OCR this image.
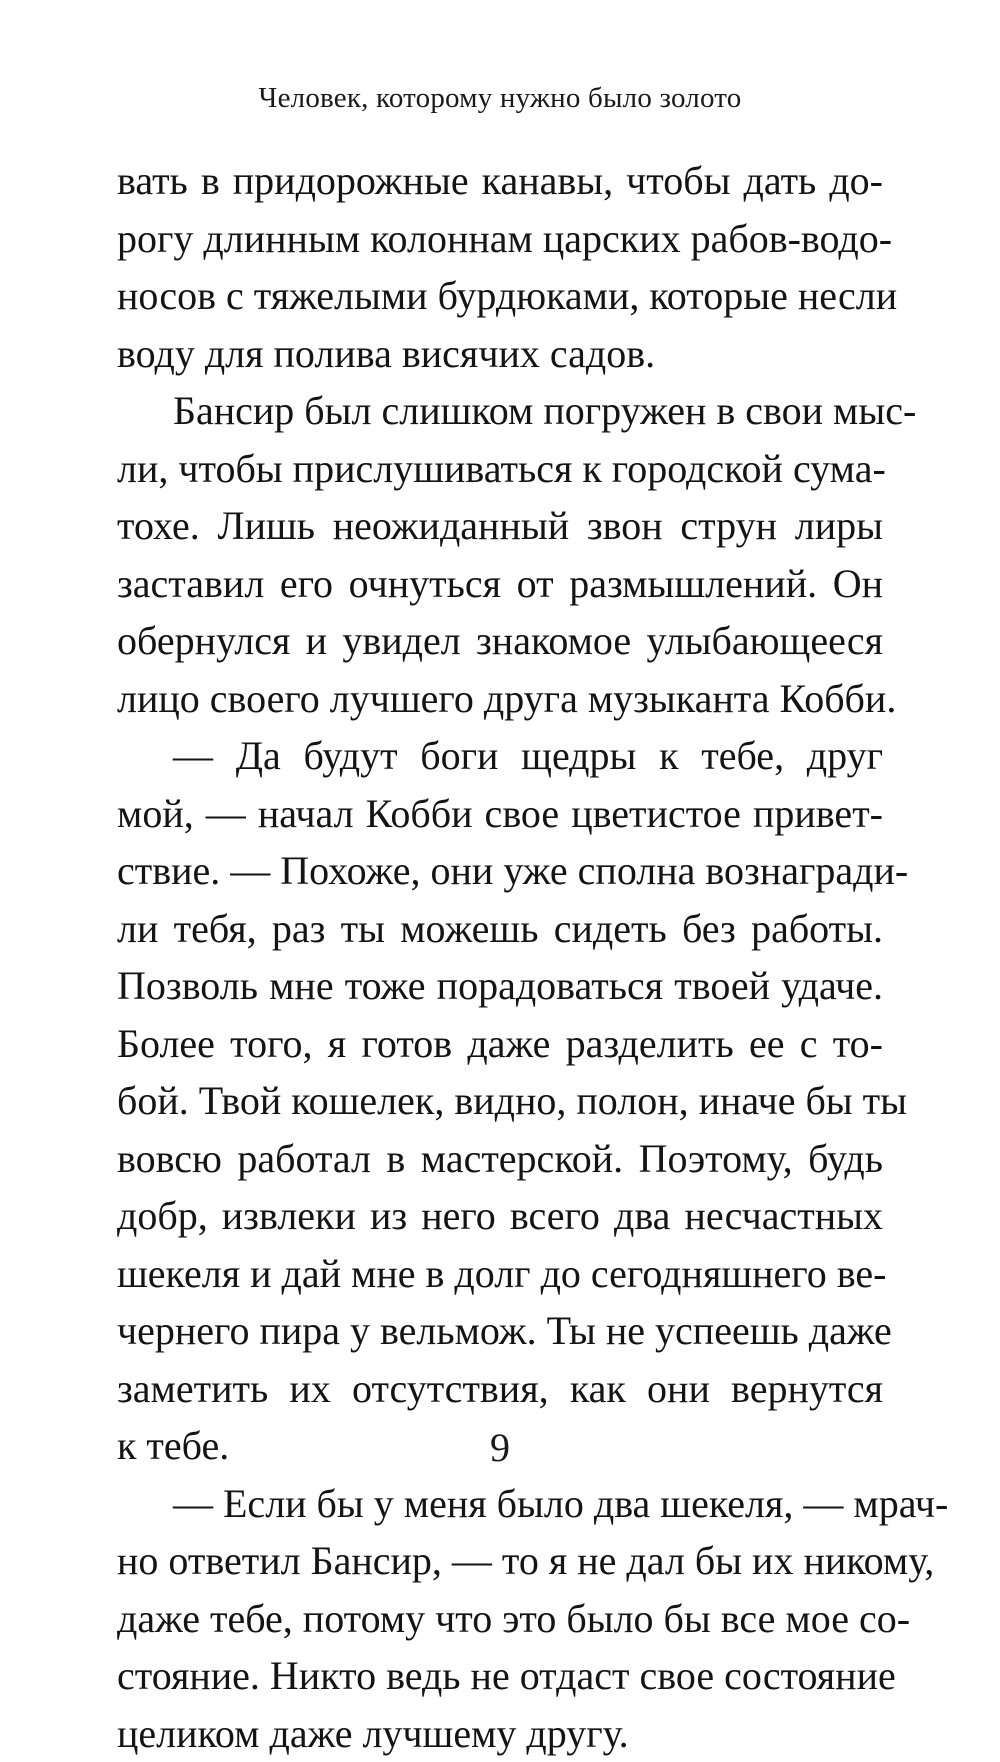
Человек, которому нужно было золото
вать в придорожные канавы, чтобы дать до-
рогу длинным колоннам царских рабов-водо-
носов с тяжелыми бурдюками, которые несли
воду для полива висячих садов.
Бансир был слишком погружен в свои мыс-
ли, чтобы прислушиваться к городской сума-
тохе. Лишь неожиданный звон струн лиры
заставил его очнуться от размышлений. Он
обернулся и увидел знакомое улыбающееся
лицо своего лучшего друга музыканта Кобби.
— Да будут боги щедры к тебе, друг
мой, — начал Кобби свое цветистое привет-
ствие. — Похоже, они уже сполна вознагради-
ли тебя, раз ты можешь сидеть без работы.
Позволь мне тоже порадоваться твоей удаче.
Более того, я готов даже разделить ее с то-
бой. Твой кошелек, видно, полон, иначе бы ты
вовсю работал в мастерской. Поэтому, будь
добр, извлеки из него всего два несчастных
шекеля и дай мне в долг до сегодняшнего ве-
чернего пира у вельмож. Ты не успеешь даже
заметить их отсутствия, как они вернутся
к тебе.
— Если бы у меня было два шекеля, — мрач-
но ответил Бансир, — то я не дал бы их никому,
даже тебе, потому что это было бы все мое со-
стояние. Никто ведь не отдаст свое состояние
целиком даже лучшему другу.
9
